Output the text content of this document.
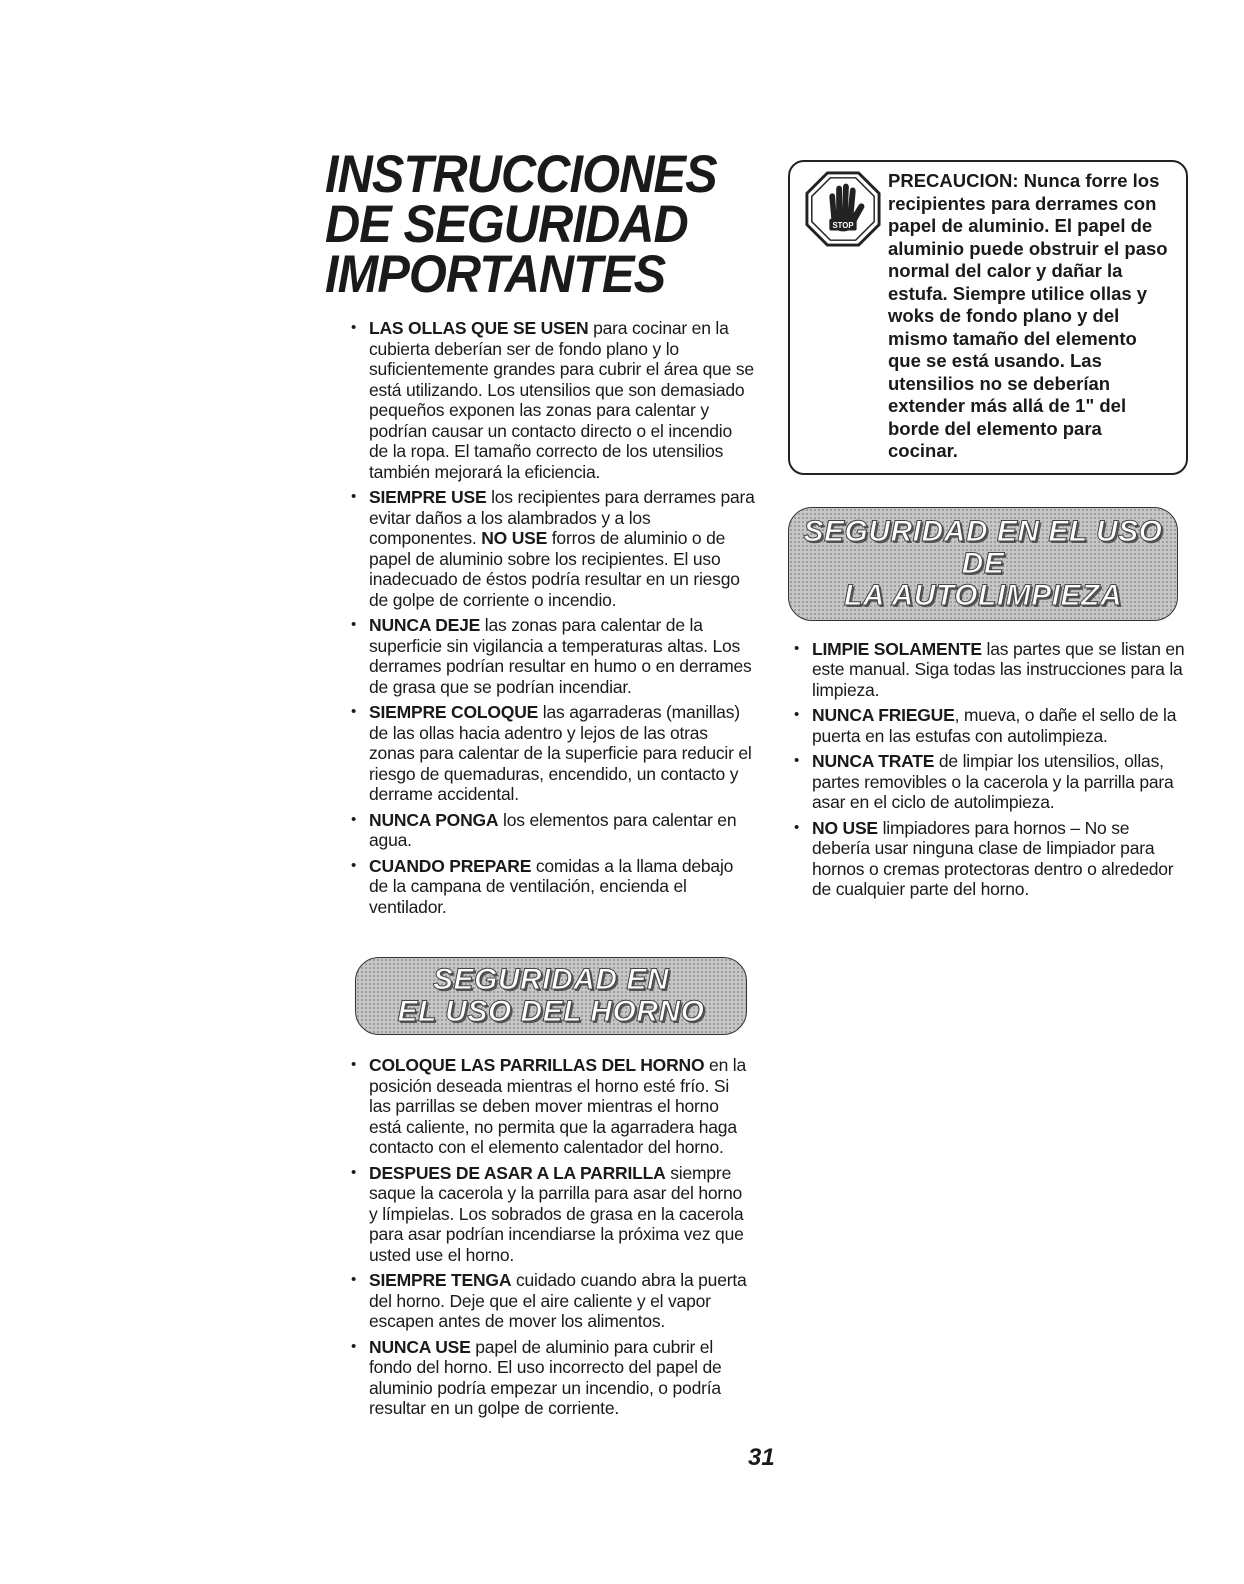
INSTRUCCIONES
DE SEGURIDAD
IMPORTANTES
• LAS OLLAS QUE SE USEN para cocinar en la cubierta deberían ser de fondo plano y lo suficientemente grandes para cubrir el área que se está utilizando. Los utensilios que son demasiado pequeños exponen las zonas para calentar y podrían causar un contacto directo o el incendio de la ropa. El tamaño correcto de los utensilios también mejorará la eficiencia.
• SIEMPRE USE los recipientes para derrames para evitar daños a los alambrados y a los componentes. NO USE forros de aluminio o de papel de aluminio sobre los recipientes. El uso inadecuado de éstos podría resultar en un riesgo de golpe de corriente o incendio.
• NUNCA DEJE las zonas para calentar de la superficie sin vigilancia a temperaturas altas. Los derrames podrían resultar en humo o en derrames de grasa que se podrían incendiar.
• SIEMPRE COLOQUE las agarraderas (manillas) de las ollas hacia adentro y lejos de las otras zonas para calentar de la superficie para reducir el riesgo de quemaduras, encendido, un contacto y derrame accidental.
• NUNCA PONGA los elementos para calentar en agua.
• CUANDO PREPARE comidas a la llama debajo de la campana de ventilación, encienda el ventilador.
SEGURIDAD EN
EL USO DEL HORNO
• COLOQUE LAS PARRILLAS DEL HORNO en la posición deseada mientras el horno esté frío. Si las parrillas se deben mover mientras el horno está caliente, no permita que la agarradera haga contacto con el elemento calentador del horno.
• DESPUES DE ASAR A LA PARRILLA siempre saque la cacerola y la parrilla para asar del horno y límpielas. Los sobrados de grasa en la cacerola para asar podrían incendiarse la próxima vez que usted use el horno.
• SIEMPRE TENGA cuidado cuando abra la puerta del horno. Deje que el aire caliente y el vapor escapen antes de mover los alimentos.
• NUNCA USE papel de aluminio para cubrir el fondo del horno. El uso incorrecto del papel de aluminio podría empezar un incendio, o podría resultar en un golpe de corriente.
STOP
PRECAUCION: Nunca forre los recipientes para derrames con papel de aluminio. El papel de aluminio puede obstruir el paso normal del calor y dañar la estufa. Siempre utilice ollas y woks de fondo plano y del mismo tamaño del elemento que se está usando. Las utensilios no se deberían extender más allá de 1" del borde del elemento para cocinar.
SEGURIDAD EN EL USO DE
LA AUTOLIMPIEZA
• LIMPIE SOLAMENTE las partes que se listan en este manual. Siga todas las instrucciones para la limpieza.
• NUNCA FRIEGUE, mueva, o dañe el sello de la puerta en las estufas con autolimpieza.
• NUNCA TRATE de limpiar los utensilios, ollas, partes removibles o la cacerola y la parrilla para asar en el ciclo de autolimpieza.
• NO USE limpiadores para hornos – No se debería usar ninguna clase de limpiador para hornos o cremas protectoras dentro o alrededor de cualquier parte del horno.
31
